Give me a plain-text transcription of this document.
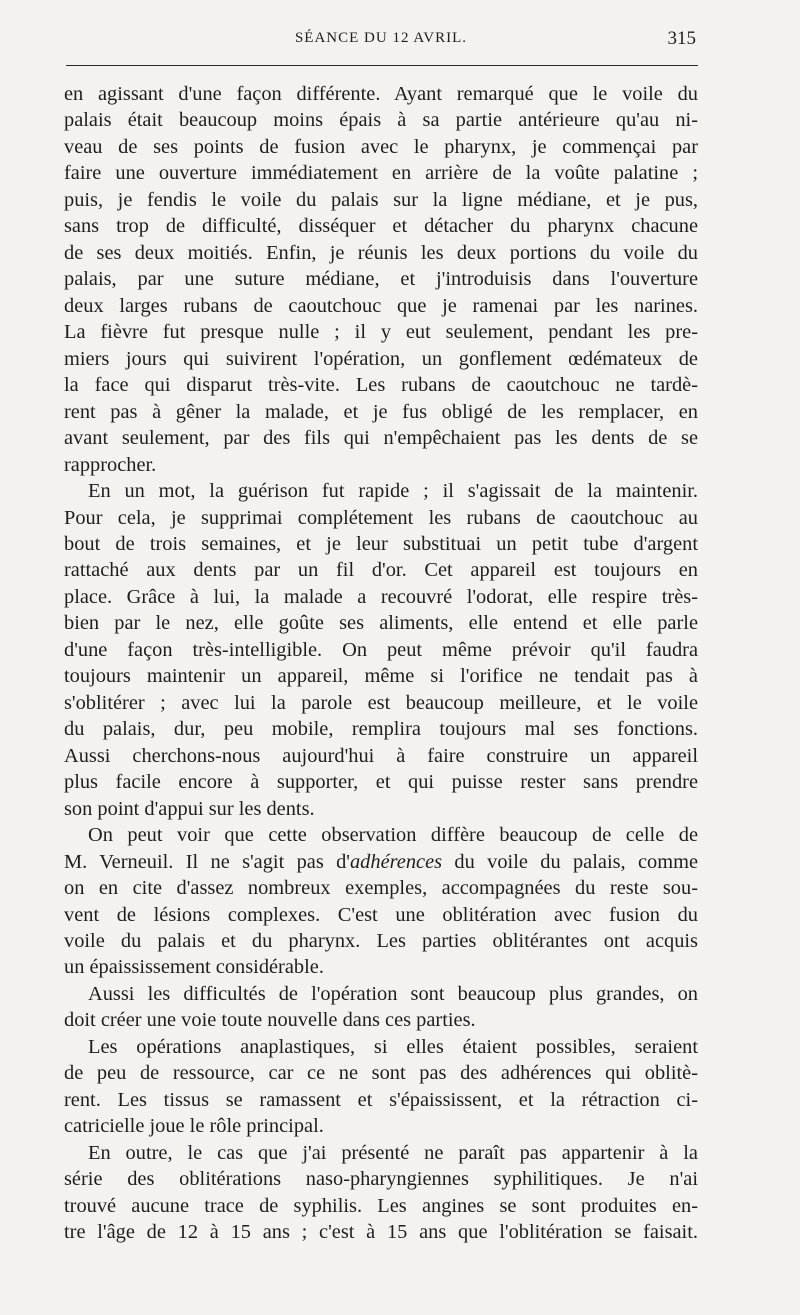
SÉANCE DU 12 AVRIL.	315
en agissant d'une façon différente. Ayant remarqué que le voile du
palais était beaucoup moins épais à sa partie antérieure qu'au ni-
veau de ses points de fusion avec le pharynx, je commençai par
faire une ouverture immédiatement en arrière de la voûte palatine ;
puis, je fendis le voile du palais sur la ligne médiane, et je pus,
sans trop de difficulté, disséquer et détacher du pharynx chacune
de ses deux moitiés. Enfin, je réunis les deux portions du voile du
palais, par une suture médiane, et j'introduisis dans l'ouverture
deux larges rubans de caoutchouc que je ramenai par les narines.
La fièvre fut presque nulle ; il y eut seulement, pendant les pre-
miers jours qui suivirent l'opération, un gonflement œdémateux de
la face qui disparut très-vite. Les rubans de caoutchouc ne tardè-
rent pas à gêner la malade, et je fus obligé de les remplacer, en
avant seulement, par des fils qui n'empêchaient pas les dents de se
rapprocher.
En un mot, la guérison fut rapide ; il s'agissait de la maintenir.
Pour cela, je supprimai complétement les rubans de caoutchouc au
bout de trois semaines, et je leur substituai un petit tube d'argent
rattaché aux dents par un fil d'or. Cet appareil est toujours en
place. Grâce à lui, la malade a recouvré l'odorat, elle respire très-
bien par le nez, elle goûte ses aliments, elle entend et elle parle
d'une façon très-intelligible. On peut même prévoir qu'il faudra
toujours maintenir un appareil, même si l'orifice ne tendait pas à
s'oblitérer ; avec lui la parole est beaucoup meilleure, et le voile
du palais, dur, peu mobile, remplira toujours mal ses fonctions.
Aussi cherchons-nous aujourd'hui à faire construire un appareil
plus facile encore à supporter, et qui puisse rester sans prendre
son point d'appui sur les dents.
On peut voir que cette observation diffère beaucoup de celle de
M. Verneuil. Il ne s'agit pas d'adhérences du voile du palais, comme
on en cite d'assez nombreux exemples, accompagnées du reste sou-
vent de lésions complexes. C'est une oblitération avec fusion du
voile du palais et du pharynx. Les parties oblitérantes ont acquis
un épaississement considérable.
Aussi les difficultés de l'opération sont beaucoup plus grandes, on
doit créer une voie toute nouvelle dans ces parties.
Les opérations anaplastiques, si elles étaient possibles, seraient
de peu de ressource, car ce ne sont pas des adhérences qui oblitè-
rent. Les tissus se ramassent et s'épaississent, et la rétraction ci-
catricielle joue le rôle principal.
En outre, le cas que j'ai présenté ne paraît pas appartenir à la
série des oblitérations naso-pharyngiennes syphilitiques. Je n'ai
trouvé aucune trace de syphilis. Les angines se sont produites en-
tre l'âge de 12 à 15 ans ; c'est à 15 ans que l'oblitération se faisait.
